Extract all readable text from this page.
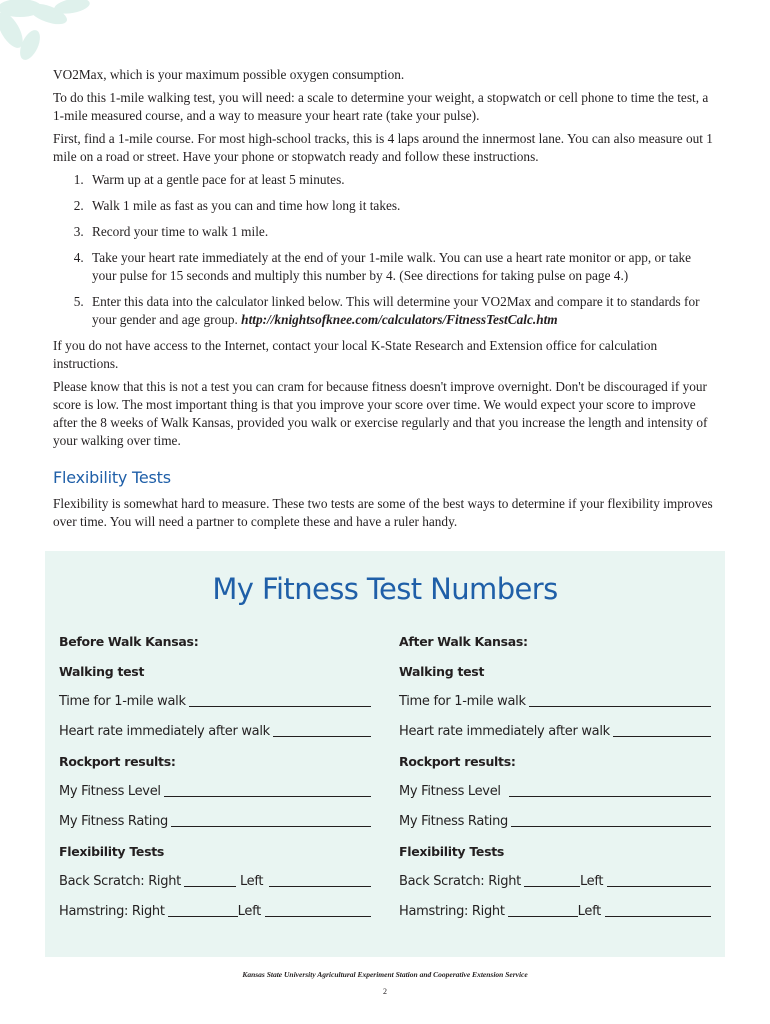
VO2Max, which is your maximum possible oxygen consumption.

To do this 1-mile walking test, you will need: a scale to determine your weight, a stopwatch or cell phone to time the test, a 1-mile measured course, and a way to measure your heart rate (take your pulse).

First, find a 1-mile course. For most high-school tracks, this is 4 laps around the innermost lane. You can also measure out 1 mile on a road or street. Have your phone or stopwatch ready and follow these instructions.

1. Warm up at a gentle pace for at least 5 minutes.
2. Walk 1 mile as fast as you can and time how long it takes.
3. Record your time to walk 1 mile.
4. Take your heart rate immediately at the end of your 1-mile walk. You can use a heart rate monitor or app, or take your pulse for 15 seconds and multiply this number by 4. (See directions for taking pulse on page 4.)
5. Enter this data into the calculator linked below. This will determine your VO2Max and compare it to standards for your gender and age group. http://knightsofknee.com/calculators/FitnessTestCalc.htm

If you do not have access to the Internet, contact your local K-State Research and Extension office for calculation instructions.

Please know that this is not a test you can cram for because fitness doesn't improve overnight. Don't be discouraged if your score is low. The most important thing is that you improve your score over time. We would expect your score to improve after the 8 weeks of Walk Kansas, provided you walk or exercise regularly and that you increase the length and intensity of your walking over time.

Flexibility Tests

Flexibility is somewhat hard to measure. These two tests are some of the best ways to determine if your flexibility improves over time. You will need a partner to complete these and have a ruler handy.

My Fitness Test Numbers
Before Walk Kansas:
Walking test
Time for 1-mile walk
Heart rate immediately after walk
Rockport results:
My Fitness Level
My Fitness Rating
Flexibility Tests
Back Scratch: Right	Left
Hamstring: Right	Left
After Walk Kansas:
Walking test
Time for 1-mile walk
Heart rate immediately after walk
Rockport results:
My Fitness Level
My Fitness Rating
Flexibility Tests
Back Scratch: Right	Left
Hamstring: Right	Left
Kansas State University Agricultural Experiment Station and Cooperative Extension Service
2
